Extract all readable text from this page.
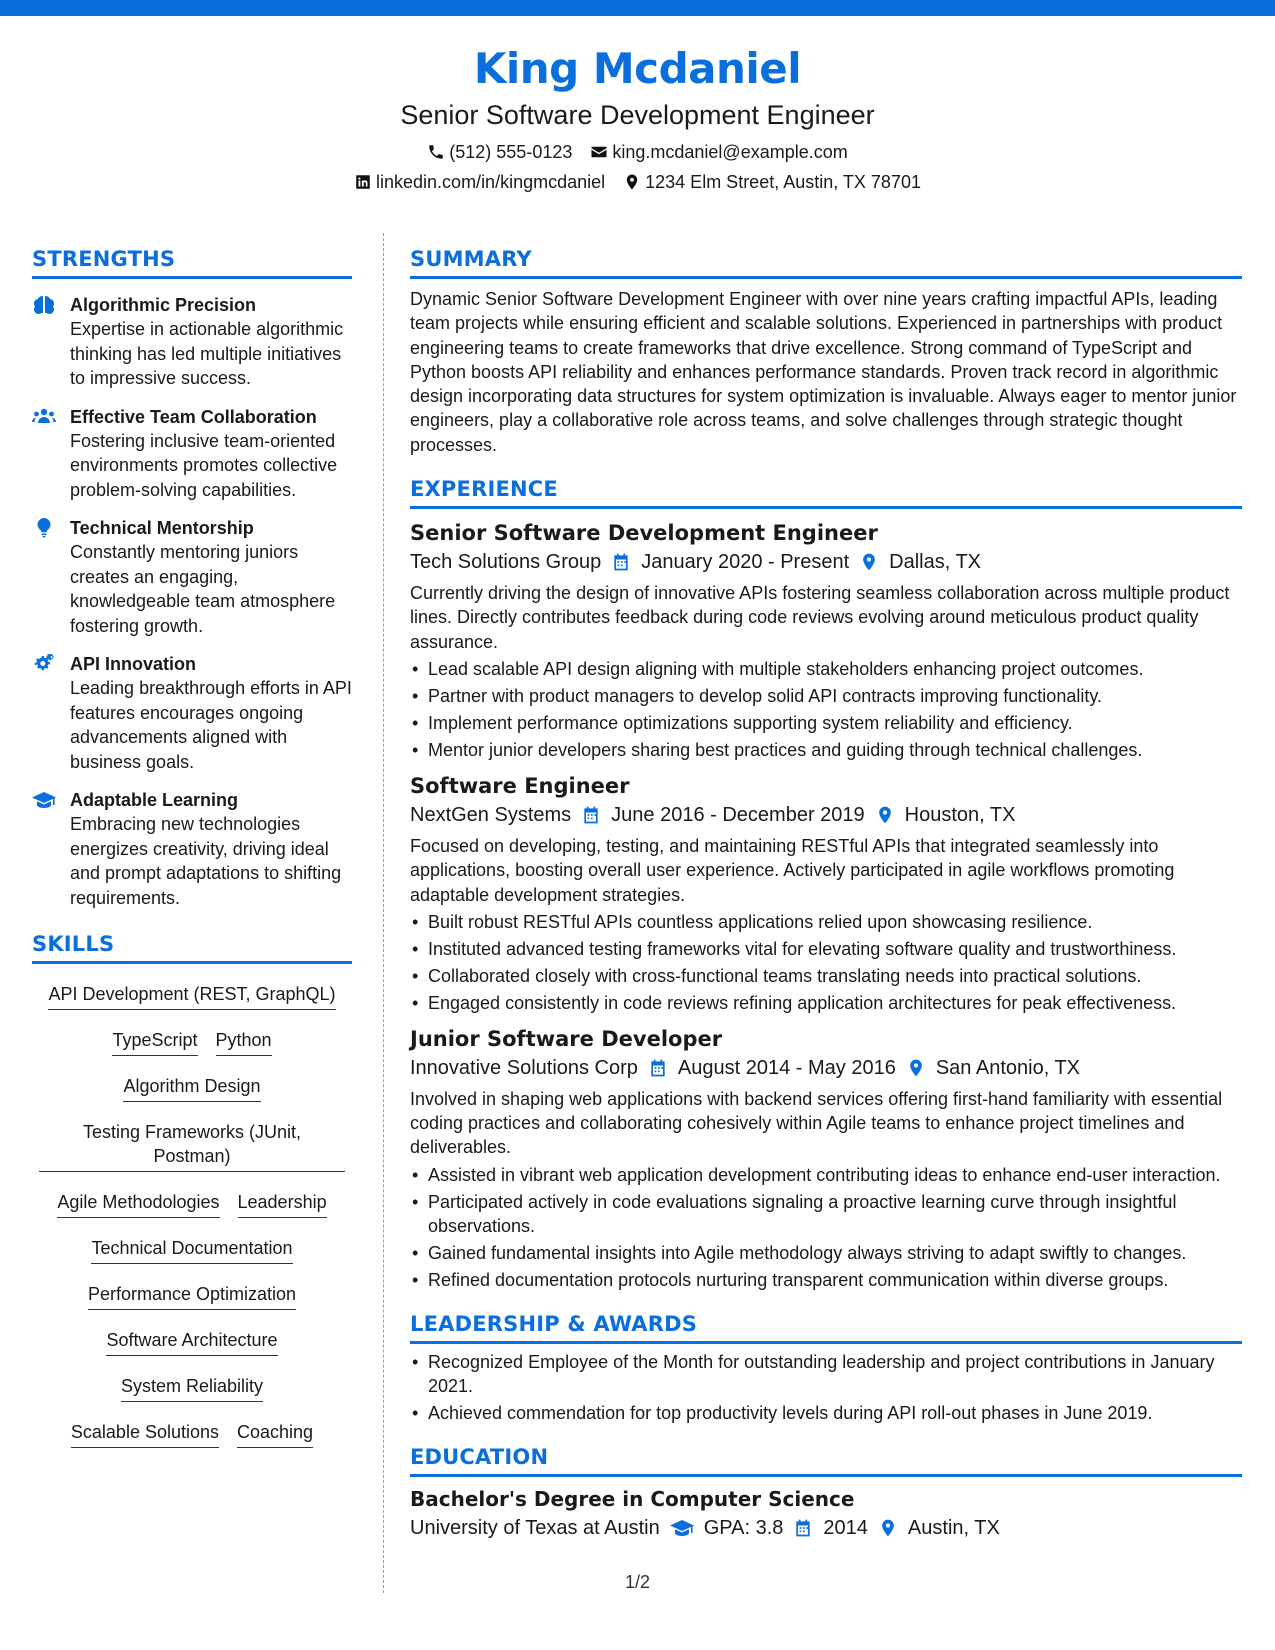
King Mcdaniel
Senior Software Development Engineer
(512) 555-0123 king.mcdaniel@example.com
linkedin.com/in/kingmcdaniel 1234 Elm Street, Austin, TX 78701
STRENGTHS
Algorithmic Precision
Expertise in actionable algorithmic thinking has led multiple initiatives to impressive success.
Effective Team Collaboration
Fostering inclusive team-oriented environments promotes collective problem-solving capabilities.
Technical Mentorship
Constantly mentoring juniors creates an engaging, knowledgeable team atmosphere fostering growth.
API Innovation
Leading breakthrough efforts in API features encourages ongoing advancements aligned with business goals.
Adaptable Learning
Embracing new technologies energizes creativity, driving ideal and prompt adaptations to shifting requirements.
SKILLS
API Development (REST, GraphQL)
TypeScript Python
Algorithm Design
Testing Frameworks (JUnit, Postman)
Agile Methodologies Leadership
Technical Documentation
Performance Optimization
Software Architecture
System Reliability
Scalable Solutions Coaching
SUMMARY
Dynamic Senior Software Development Engineer with over nine years crafting impactful APIs, leading team projects while ensuring efficient and scalable solutions. Experienced in partnerships with product engineering teams to create frameworks that drive excellence. Strong command of TypeScript and Python boosts API reliability and enhances performance standards. Proven track record in algorithmic design incorporating data structures for system optimization is invaluable. Always eager to mentor junior engineers, play a collaborative role across teams, and solve challenges through strategic thought processes.
EXPERIENCE
Senior Software Development Engineer
Tech Solutions Group January 2020 - Present Dallas, TX
Currently driving the design of innovative APIs fostering seamless collaboration across multiple product lines. Directly contributes feedback during code reviews evolving around meticulous product quality assurance.
• Lead scalable API design aligning with multiple stakeholders enhancing project outcomes.
• Partner with product managers to develop solid API contracts improving functionality.
• Implement performance optimizations supporting system reliability and efficiency.
• Mentor junior developers sharing best practices and guiding through technical challenges.
Software Engineer
NextGen Systems June 2016 - December 2019 Houston, TX
Focused on developing, testing, and maintaining RESTful APIs that integrated seamlessly into applications, boosting overall user experience. Actively participated in agile workflows promoting adaptable development strategies.
• Built robust RESTful APIs countless applications relied upon showcasing resilience.
• Instituted advanced testing frameworks vital for elevating software quality and trustworthiness.
• Collaborated closely with cross-functional teams translating needs into practical solutions.
• Engaged consistently in code reviews refining application architectures for peak effectiveness.
Junior Software Developer
Innovative Solutions Corp August 2014 - May 2016 San Antonio, TX
Involved in shaping web applications with backend services offering first-hand familiarity with essential coding practices and collaborating cohesively within Agile teams to enhance project timelines and deliverables.
• Assisted in vibrant web application development contributing ideas to enhance end-user interaction.
• Participated actively in code evaluations signaling a proactive learning curve through insightful observations.
• Gained fundamental insights into Agile methodology always striving to adapt swiftly to changes.
• Refined documentation protocols nurturing transparent communication within diverse groups.
LEADERSHIP & AWARDS
• Recognized Employee of the Month for outstanding leadership and project contributions in January 2021.
• Achieved commendation for top productivity levels during API roll-out phases in June 2019.
EDUCATION
Bachelor's Degree in Computer Science
University of Texas at Austin GPA: 3.8 2014 Austin, TX
1/2
